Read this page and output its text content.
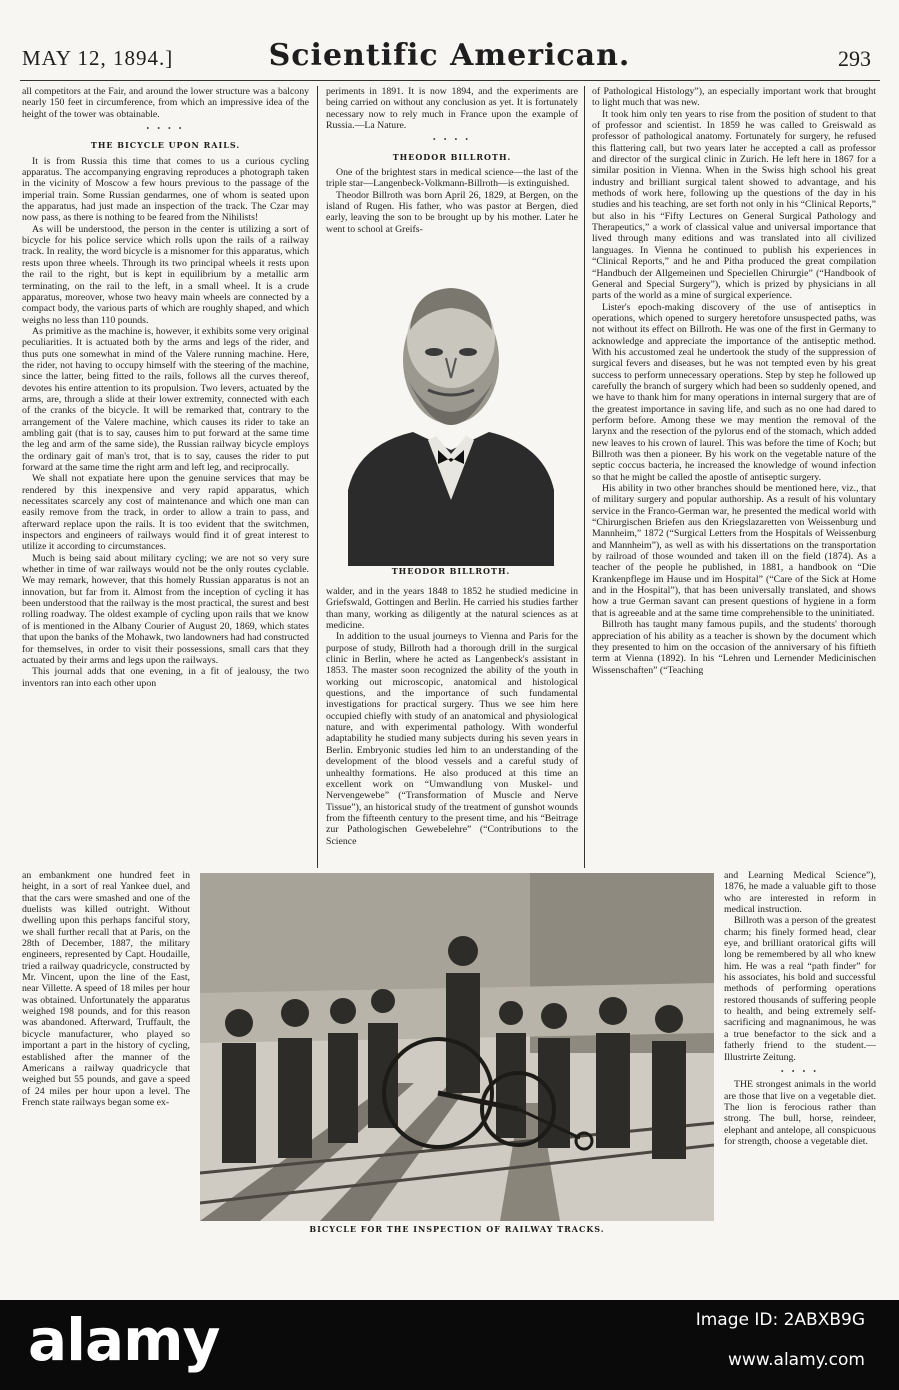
MAY 12, 1894.]	Scientific American.	293

all competitors at the Fair, and around the lower structure was a balcony nearly 150 feet in circumference, from which an impressive idea of the height of the tower was obtainable.

• • • •
THE BICYCLE UPON RAILS.

It is from Russia this time that comes to us a curious cycling apparatus. The accompanying engraving reproduces a photograph taken in the vicinity of Moscow a few hours previous to the passage of the imperial train. Some Russian gendarmes, one of whom is seated upon the apparatus, had just made an inspection of the track. The Czar may now pass, as there is nothing to be feared from the Nihilists!

As will be understood, the person in the center is utilizing a sort of bicycle for his police service which rolls upon the rails of a railway track. In reality, the word bicycle is a misnomer for this apparatus, which rests upon three wheels. Through its two principal wheels it rests upon the rail to the right, but is kept in equilibrium by a metallic arm terminating, on the rail to the left, in a small wheel. It is a crude apparatus, moreover, whose two heavy main wheels are connected by a compact body, the various parts of which are roughly shaped, and which weighs no less than 110 pounds.

As primitive as the machine is, however, it exhibits some very original peculiarities. It is actuated both by the arms and legs of the rider, and thus puts one somewhat in mind of the Valere running machine. Here, the rider, not having to occupy himself with the steering of the machine, since the latter, being fitted to the rails, follows all the curves thereof, devotes his entire attention to its propulsion. Two levers, actuated by the arms, are, through a slide at their lower extremity, connected with each of the cranks of the bicycle. It will be remarked that, contrary to the arrangement of the Valere machine, which causes its rider to take an ambling gait (that is to say, causes him to put forward at the same time the leg and arm of the same side), the Russian railway bicycle employs the ordinary gait of man's trot, that is to say, causes the rider to put forward at the same time the right arm and left leg, and reciprocally.

We shall not expatiate here upon the genuine services that may be rendered by this inexpensive and very rapid apparatus, which necessitates scarcely any cost of maintenance and which one man can easily remove from the track, in order to allow a train to pass, and afterward replace upon the rails. It is too evident that the switchmen, inspectors and engineers of railways would find it of great interest to utilize it according to circumstances.

Much is being said about military cycling; we are not so very sure whether in time of war railways would not be the only routes cyclable. We may remark, however, that this homely Russian apparatus is not an innovation, but far from it. Almost from the inception of cycling it has been understood that the railway is the most practical, the surest and best rolling roadway. The oldest example of cycling upon rails that we know of is mentioned in the Albany Courier of August 20, 1869, which states that upon the banks of the Mohawk, two landowners had had constructed for themselves, in order to visit their possessions, small cars that they actuated by their arms and legs upon the railways.

This journal adds that one evening, in a fit of jealousy, the two inventors ran into each other upon

an embankment one hundred feet in height, in a sort of real Yankee duel, and that the cars were smashed and one of the duelists was killed outright. Without dwelling upon this perhaps fanciful story, we shall further recall that at Paris, on the 28th of December, 1887, the military engineers, represented by Capt. Houdaille, tried a railway quadricycle, constructed by Mr. Vincent, upon the line of the East, near Villette. A speed of 18 miles per hour was obtained. Unfortunately the apparatus weighed 198 pounds, and for this reason was abandoned. Afterward, Truffault, the bicycle manufacturer, who played so important a part in the history of cycling, established after the manner of the Americans a railway quadricycle that weighed but 55 pounds, and gave a speed of 24 miles per hour upon a level. The French state railways began some ex-

periments in 1891. It is now 1894, and the experiments are being carried on without any conclusion as yet. It is fortunately necessary now to rely much in France upon the example of Russia.—La Nature.

• • • •
THEODOR BILLROTH.

One of the brightest stars in medical science—the last of the triple star—Langenbeck-Volkmann-Billroth—is extinguished.

Theodor Billroth was born April 26, 1829, at Bergen, on the island of Rugen. His father, who was pastor at Bergen, died early, leaving the son to be brought up by his mother. Later he went to school at Greifs-

THEODOR BILLROTH.

walder, and in the years 1848 to 1852 he studied medicine in Griefswald, Gottingen and Berlin. He carried his studies farther than many, working as diligently at the natural sciences as at medicine.

In addition to the usual journeys to Vienna and Paris for the purpose of study, Billroth had a thorough drill in the surgical clinic in Berlin, where he acted as Langenbeck's assistant in 1853. The master soon recognized the ability of the youth in working out microscopic, anatomical and histological questions, and the importance of such fundamental investigations for practical surgery. Thus we see him here occupied chiefly with study of an anatomical and physiological nature, and with experimental pathology. With wonderful adaptability he studied many subjects during his seven years in Berlin. Embryonic studies led him to an understanding of the development of the blood vessels and a careful study of unhealthy formations. He also produced at this time an excellent work on “Umwandlung von Muskel- und Nervengewebe” (“Transformation of Muscle and Nerve Tissue”), an historical study of the treatment of gunshot wounds from the fifteenth century to the present time, and his “Beitrage zur Pathologischen Gewebelehre” (“Contributions to the Science

of Pathological Histology”), an especially important work that brought to light much that was new.

It took him only ten years to rise from the position of student to that of professor and scientist. In 1859 he was called to Greiswald as professor of pathological anatomy. Fortunately for surgery, he refused this flattering call, but two years later he accepted a call as professor and director of the surgical clinic in Zurich. He left here in 1867 for a similar position in Vienna. When in the Swiss high school his great industry and brilliant surgical talent showed to advantage, and his methods of work here, following up the questions of the day in his studies and his teaching, are set forth not only in his “Clinical Reports,” but also in his “Fifty Lectures on General Surgical Pathology and Therapeutics,” a work of classical value and universal importance that lived through many editions and was translated into all civilized languages. In Vienna he continued to publish his experiences in “Clinical Reports,” and he and Pitha produced the great compilation “Handbuch der Allgemeinen und Speciellen Chirurgie” (“Handbook of General and Special Surgery”), which is prized by physicians in all parts of the world as a mine of surgical experience.

Lister's epoch-making discovery of the use of antiseptics in operations, which opened to surgery heretofore unsuspected paths, was not without its effect on Billroth. He was one of the first in Germany to acknowledge and appreciate the importance of the antiseptic method. With his accustomed zeal he undertook the study of the suppression of surgical fevers and diseases, but he was not tempted even by his great success to perform unnecessary operations. Step by step he followed up carefully the branch of surgery which had been so suddenly opened, and we have to thank him for many operations in internal surgery that are of the greatest importance in saving life, and such as no one had dared to perform before. Among these we may mention the removal of the larynx and the resection of the pylorus end of the stomach, which added new leaves to his crown of laurel. This was before the time of Koch; but Billroth was then a pioneer. By his work on the vegetable nature of the septic coccus bacteria, he increased the knowledge of wound infection so that he might be called the apostle of antiseptic surgery.

His ability in two other branches should be mentioned here, viz., that of military surgery and popular authorship. As a result of his voluntary service in the Franco-German war, he presented the medical world with “Chirurgischen Briefen aus den Kriegslazaretten von Weissenburg und Mannheim,” 1872 (“Surgical Letters from the Hospitals of Weissenburg and Mannheim”), as well as with his dissertations on the transportation by railroad of those wounded and taken ill on the field (1874). As a teacher of the people he published, in 1881, a handbook on “Die Krankenpflege im Hause und im Hospital” (“Care of the Sick at Home and in the Hospital”), that has been universally translated, and shows how a true German savant can present questions of hygiene in a form that is agreeable and at the same time comprehensible to the uninitiated.

Billroth has taught many famous pupils, and the students' thorough appreciation of his ability as a teacher is shown by the document which they presented to him on the occasion of the anniversary of his fiftieth term at Vienna (1892). In his “Lehren und Lernender Medicinischen Wissenschaften” (“Teaching

and Learning Medical Science”), 1876, he made a valuable gift to those who are interested in reform in medical instruction.

Billroth was a person of the greatest charm; his finely formed head, clear eye, and brilliant oratorical gifts will long be remembered by all who knew him. He was a real “path finder” for his associates, his bold and successful methods of performing operations restored thousands of suffering people to health, and being extremely self-sacrificing and magnanimous, he was a true benefactor to the sick and a fatherly friend to the student.—Illustrirte Zeitung.

• • • •

THE strongest animals in the world are those that live on a vegetable diet. The lion is ferocious rather than strong. The bull, horse, reindeer, elephant and antelope, all conspicuous for strength, choose a vegetable diet.

BICYCLE FOR THE INSPECTION OF RAILWAY TRACKS.
alamy	Image ID: 2ABXB9G
www.alamy.com
